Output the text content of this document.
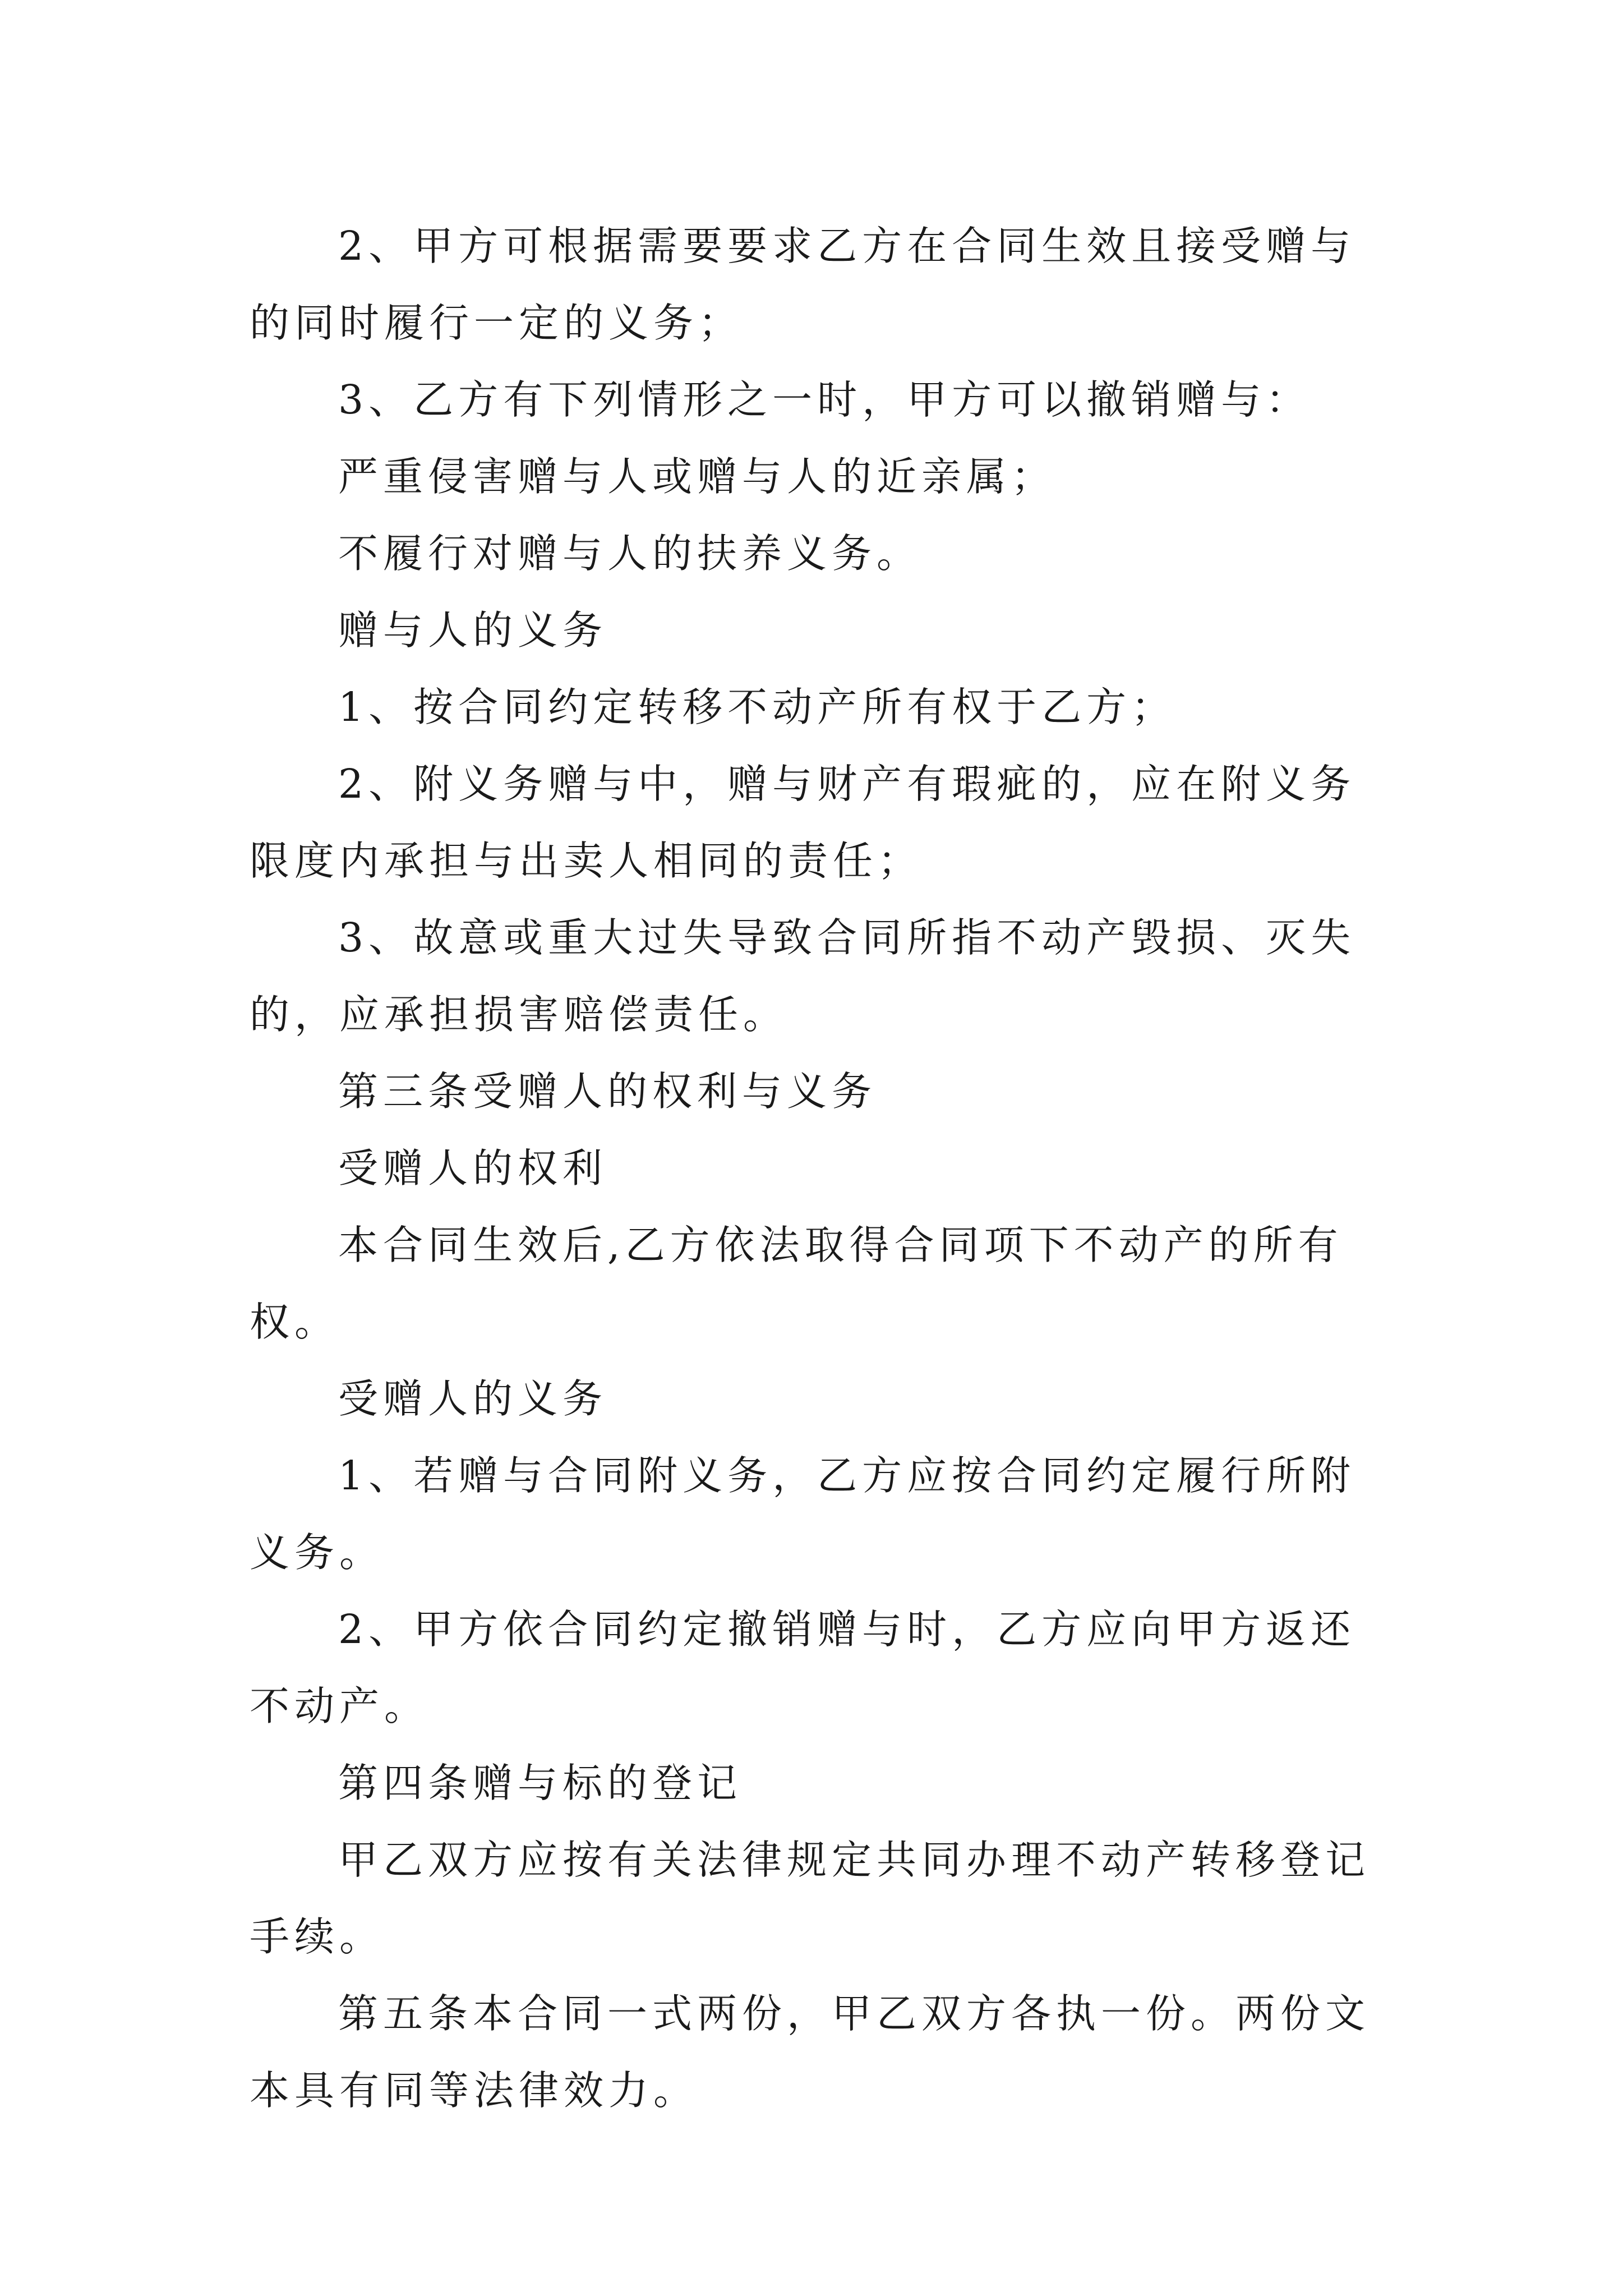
2、甲方可根据需要要求乙方在合同生效且接受赠与的同时履行一定的义务；

3、乙方有下列情形之一时，甲方可以撤销赠与：

严重侵害赠与人或赠与人的近亲属；

不履行对赠与人的扶养义务。

赠与人的义务

1、按合同约定转移不动产所有权于乙方；

2、附义务赠与中，赠与财产有瑕疵的，应在附义务限度内承担与出卖人相同的责任；

3、故意或重大过失导致合同所指不动产毁损、灭失的，应承担损害赔偿责任。

第三条受赠人的权利与义务

受赠人的权利

本合同生效后,乙方依法取得合同项下不动产的所有权。

受赠人的义务

1、若赠与合同附义务，乙方应按合同约定履行所附义务。

2、甲方依合同约定撤销赠与时，乙方应向甲方返还不动产。

第四条赠与标的登记

甲乙双方应按有关法律规定共同办理不动产转移登记手续。

第五条本合同一式两份，甲乙双方各执一份。两份文本具有同等法律效力。
